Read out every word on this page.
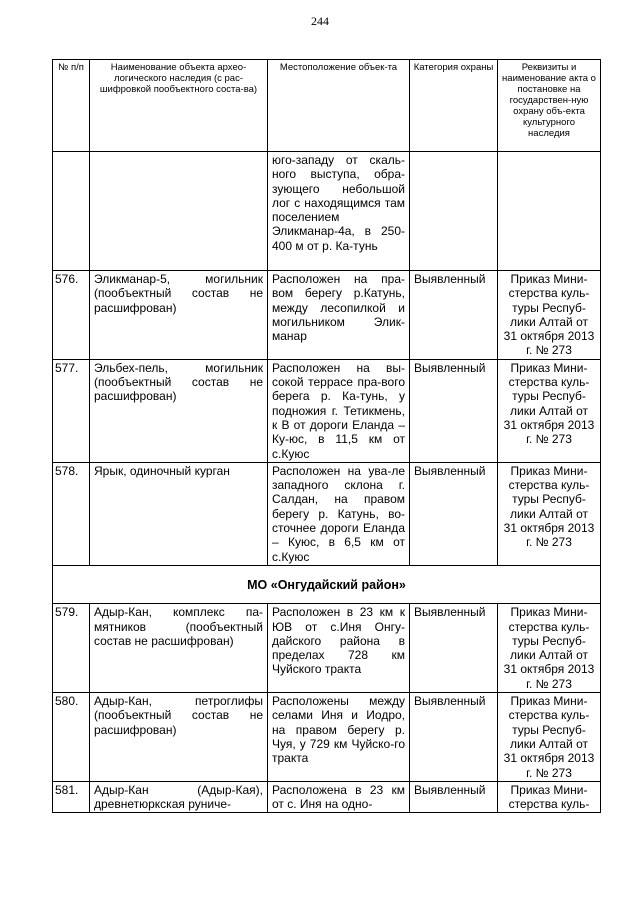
244
№ п/п	Наименование объекта архео-логического наследия (с рас-шифровкой пообъектного соста-ва)	Местоположение объек-та	Категория охраны	Реквизиты и наименование акта о постановке на государствен-ную охрану объ-екта культурного наследия
		юго-западу от скаль-ного выступа, обра-зующего небольшой лог с находящимся там поселением Эликманар-4а, в 250-400 м от р. Ка-тунь		
576.	Эликманар-5, могильник (пообъектный состав не расшифрован)	Расположен на пра-вом берегу р.Катунь, между лесопилкой и могильником Элик-манар	Выявленный	Приказ Мини-стерства куль-туры Респуб-лики Алтай от 31 октября 2013 г. № 273
577.	Эльбех-пель, могильник (пообъектный состав не расшифрован)	Расположен на вы-сокой террасе пра-вого берега р. Ка-тунь, у подножия г. Тетикмень, к В от дороги Еланда – Ку-юс, в 11,5 км от с.Куюс	Выявленный	Приказ Мини-стерства куль-туры Респуб-лики Алтай от 31 октября 2013 г. № 273
578.	Ярык, одиночный курган	Расположен на ува-ле западного склона г. Салдан, на правом берегу р. Катунь, во-сточнее дороги Еланда – Куюс, в 6,5 км от с.Куюс	Выявленный	Приказ Мини-стерства куль-туры Респуб-лики Алтай от 31 октября 2013 г. № 273
МО «Онгудайский район»				
579.	Адыр-Кан, комплекс па-мятников (пообъектный состав не расшифрован)	Расположен в 23 км к ЮВ от с.Иня Онгу-дайского района в пределах 728 км Чуйского тракта	Выявленный	Приказ Мини-стерства куль-туры Респуб-лики Алтай от 31 октября 2013 г. № 273
580.	Адыр-Кан, петроглифы (пообъектный состав не расшифрован)	Расположены между селами Иня и Иодро, на правом берегу р. Чуя, у 729 км Чуйско-го тракта	Выявленный	Приказ Мини-стерства куль-туры Респуб-лики Алтай от 31 октября 2013 г. № 273
581.	Адыр-Кан (Адыр-Кая), древнетюркская руниче-	Расположена в 23 км от с. Иня на одно-	Выявленный	Приказ Мини-стерства куль-
